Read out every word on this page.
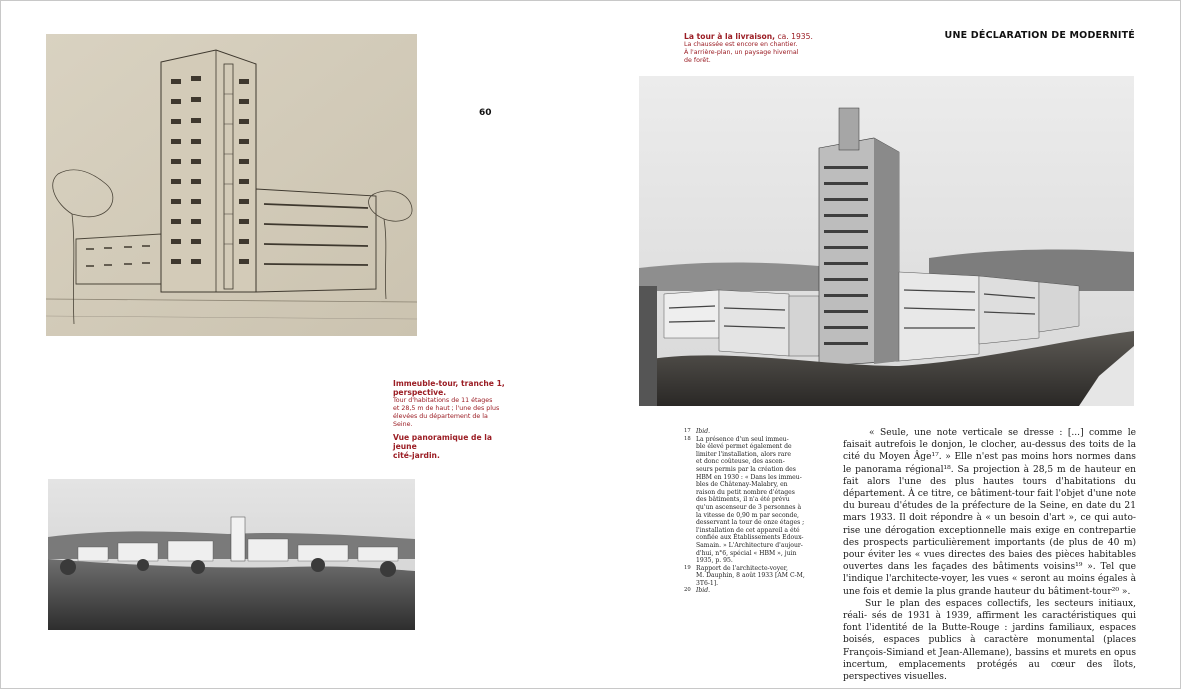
60
Immeuble-tour, tranche 1,
perspective.
Tour d'habitations de 11 étages
et 28,5 m de haut ; l'une des plus
élevées du département de la Seine.
Vue panoramique de la jeune
cité-jardin.
La tour à la livraison, ca. 1935.
La chaussée est encore en chantier.
À l'arrière-plan, un paysage hivernal
de forêt.
UNE DÉCLARATION DE MODERNITÉ
17 Ibid.
18 La présence d'un seul immeu-
ble élevé permet également de
limiter l'installation, alors rare
et donc coûteuse, des ascen-
seurs permis par la création des
HBM en 1930 : « Dans les immeu-
bles de Châtenay-Malabry, en
raison du petit nombre d'étages
des bâtiments, il n'a été prévu
qu'un ascenseur de 3 personnes à
la vitesse de 0,90 m par seconde,
desservant la tour de onze étages ;
l'installation de cet appareil a été
confiée aux Établissements Edoux-
Samain. » L'Architecture d'aujour-
d'hui, n°6, spécial « HBM », juin
1935, p. 95.
19 Rapport de l'architecte-voyer,
M. Dauphin, 8 août 1933 [AM C-M,
3T6-1].
20 Ibid.

« Seule, une note verticale se dresse : [...] comme le faisait autrefois le donjon, le clocher, au-dessus des toits de la cité du Moyen Âge¹⁷. » Elle n'est pas moins hors normes dans le panorama régional¹⁸. Sa projection à 28,5 m de hauteur en fait alors l'une des plus hautes tours d'habitations du département. À ce titre, ce bâtiment-tour fait l'objet d'une note du bureau d'études de la préfecture de la Seine, en date du 21 mars 1933. Il doit répondre à « un besoin d'art », ce qui auto- rise une dérogation exceptionnelle mais exige en contrepartie des prospects particulièrement importants (de plus de 40 m) pour éviter les « vues directes des baies des pièces habitables ouvertes dans les façades des bâtiments voisins¹⁹ ». Tel que l'indique l'architecte-voyer, les vues « seront au moins égales à une fois et demie la plus grande hauteur du bâtiment-tour²⁰ ».

Sur le plan des espaces collectifs, les secteurs initiaux, réali- sés de 1931 à 1939, affirment les caractéristiques qui font l'identité de la Butte-Rouge : jardins familiaux, espaces boisés, espaces publics à caractère monumental (places François-Simiand et Jean-Allemane), bassins et murets en opus incertum, emplacements protégés au cœur des îlots, perspectives visuelles.
